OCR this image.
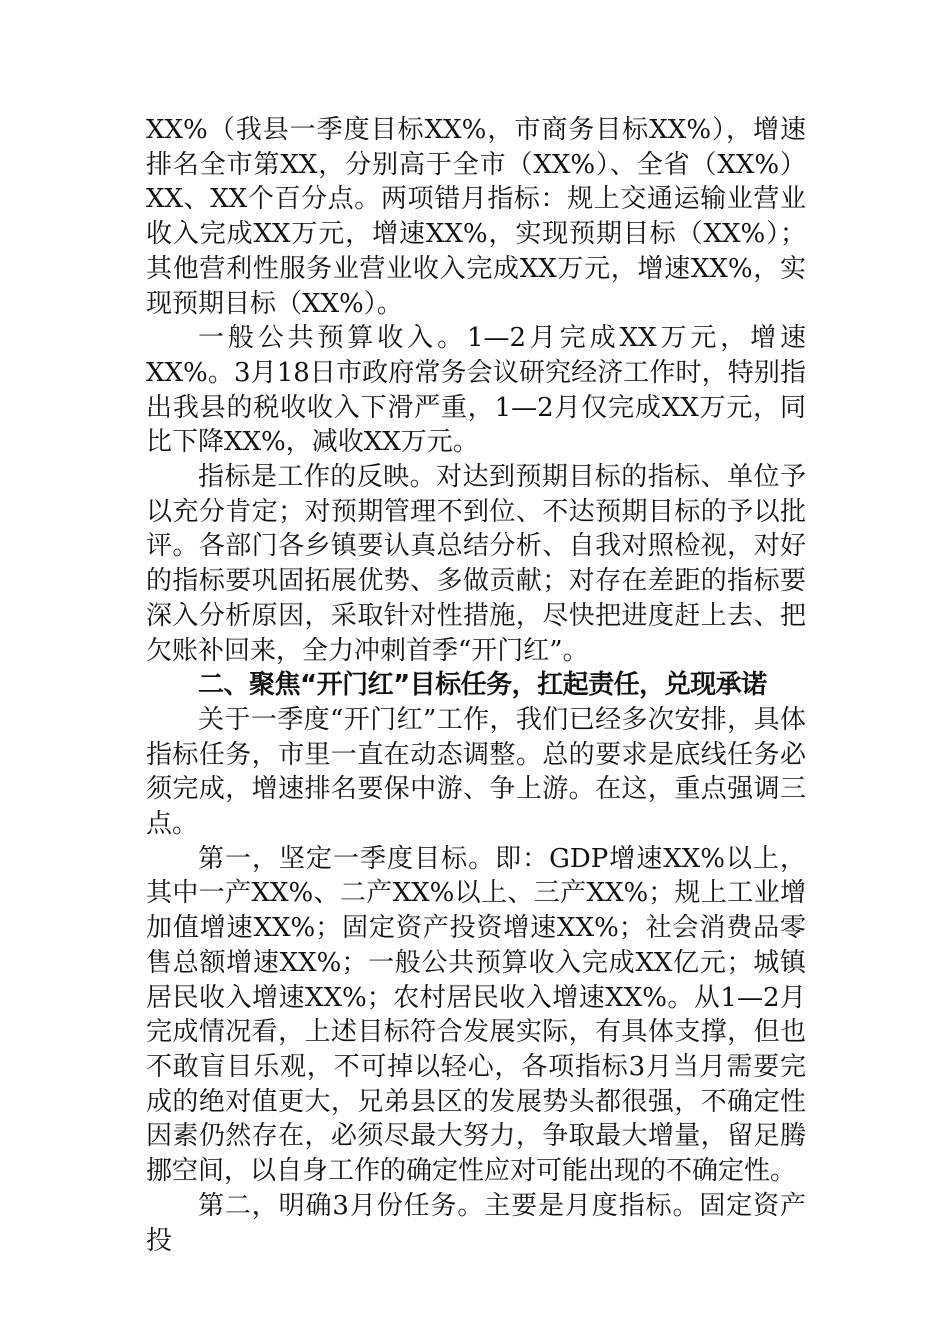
XX%（我县一季度目标XX%，市商务目标XX%），增速排名全市第XX，分别高于全市（XX%）、全省（XX%）XX、XX个百分点。两项错月指标：规上交通运输业营业收入完成XX万元，增速XX%，实现预期目标（XX%）；其他营利性服务业营业收入完成XX万元，增速XX%，实现预期目标（XX%）。

一般公共预算收入。1—2月完成XX万元，增速XX%。3月18日市政府常务会议研究经济工作时，特别指出我县的税收收入下滑严重，1—2月仅完成XX万元，同比下降XX%，减收XX万元。

指标是工作的反映。对达到预期目标的指标、单位予以充分肯定；对预期管理不到位、不达预期目标的予以批评。各部门各乡镇要认真总结分析、自我对照检视，对好的指标要巩固拓展优势、多做贡献；对存在差距的指标要深入分析原因，采取针对性措施，尽快把进度赶上去、把欠账补回来，全力冲刺首季“开门红”。

二、聚焦“开门红”目标任务，扛起责任，兑现承诺

关于一季度“开门红”工作，我们已经多次安排，具体指标任务，市里一直在动态调整。总的要求是底线任务必须完成，增速排名要保中游、争上游。在这，重点强调三点。

第一，坚定一季度目标。即：GDP增速XX%以上，其中一产XX%、二产XX%以上、三产XX%；规上工业增加值增速XX%；固定资产投资增速XX%；社会消费品零售总额增速XX%；一般公共预算收入完成XX亿元；城镇居民收入增速XX%；农村居民收入增速XX%。从1—2月完成情况看，上述目标符合发展实际，有具体支撑，但也不敢盲目乐观，不可掉以轻心，各项指标3月当月需要完成的绝对值更大，兄弟县区的发展势头都很强，不确定性因素仍然存在，必须尽最大努力，争取最大增量，留足腾挪空间，以自身工作的确定性应对可能出现的不确定性。

第二，明确3月份任务。主要是月度指标。固定资产投
